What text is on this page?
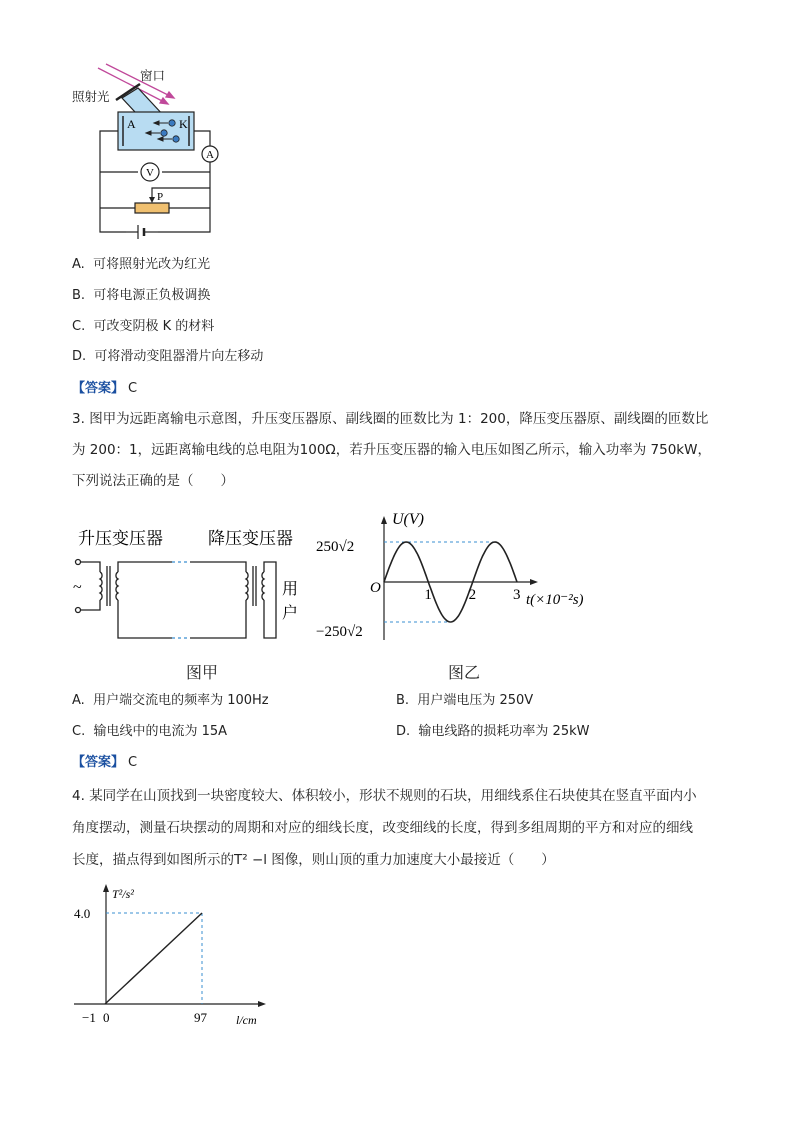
A	K
A
V
P
窗口
照射光
A. 可将照射光改为红光
B. 可将电源正负极调换
C. 可改变阴极 K 的材料
D. 可将滑动变阻器滑片向左移动
【答案】 C
3. 图甲为远距离输电示意图，升压变压器原、副线圈的匝数比为 1：200，降压变压器原、副线圈的匝数比
为 200：1，远距离输电线的总电阻为100Ω，若升压变压器的输入电压如图乙所示，输入功率为 750kW，
下列说法正确的是（　　）
升压变压器	降压变压器
~	用
户
图甲
1 2 3
U(V)
O
250√2
−250√2
t(×10⁻²s)
图乙
A. 用户端交流电的频率为 100Hz	B. 用户端电压为 250V
C. 输电线中的电流为 15A	D. 输电线路的损耗功率为 25kW
【答案】 C
4. 某同学在山顶找到一块密度较大、体积较小，形状不规则的石块，用细线系住石块使其在竖直平面内小
角度摆动，测量石块摆动的周期和对应的细线长度，改变细线的长度，得到多组周期的平方和对应的细线
长度，描点得到如图所示的T² −l 图像，则山顶的重力加速度大小最接近（　　）
T²/s²
l/cm
4.0
−1 0	97
